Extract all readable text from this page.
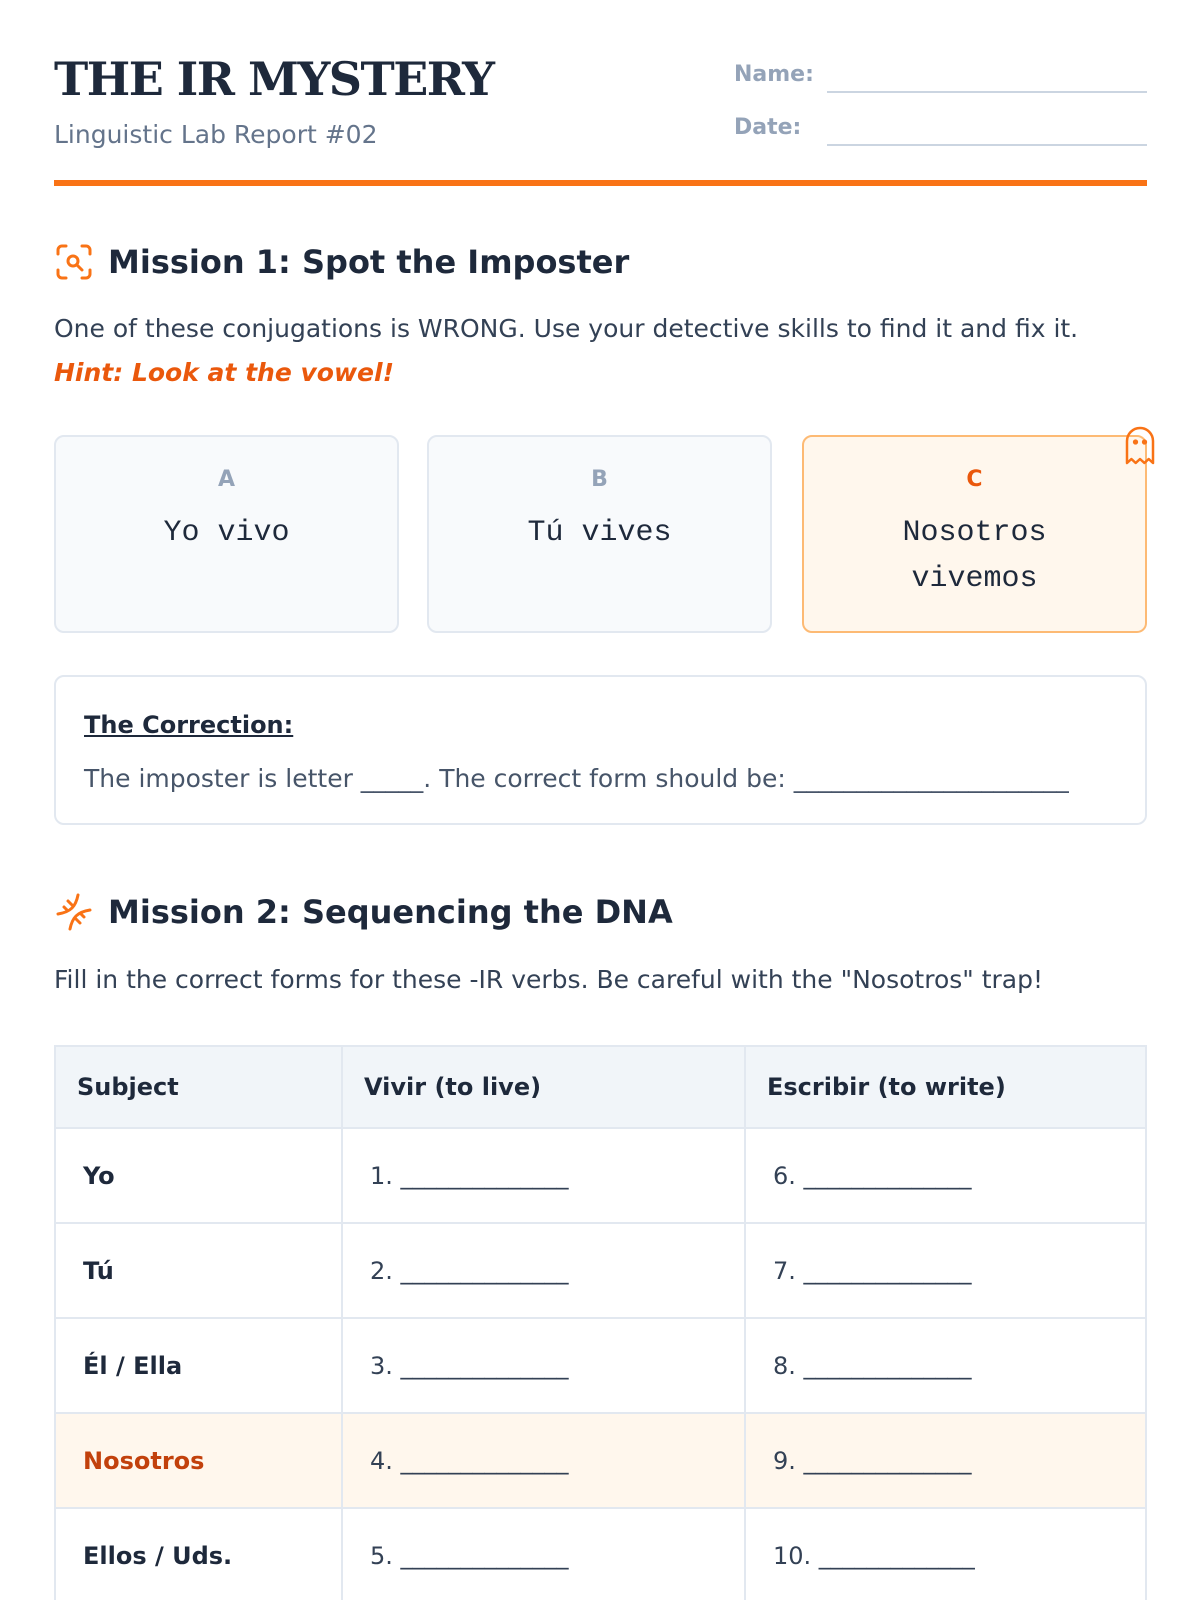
THE IR MYSTERY
Linguistic Lab Report #02
Name:
Date:
Mission 1: Spot the Imposter
One of these conjugations is WRONG. Use your detective skills to find it and fix it.
Hint: Look at the vowel!
A
Yo vivo
B
Tú vives
C
Nosotros vivemos
The Correction:
The imposter is letter _____. The correct form should be: ______________________
Mission 2: Sequencing the DNA
Fill in the correct forms for these -IR verbs. Be careful with the "Nosotros" trap!
Subject	Vivir (to live)	Escribir (to write)
Yo	1. ______________	6. ______________
Tú	2. ______________	7. ______________
Él / Ella	3. ______________	8. ______________
Nosotros	4. ______________	9. ______________
Ellos / Uds.	5. ______________	10. _____________
